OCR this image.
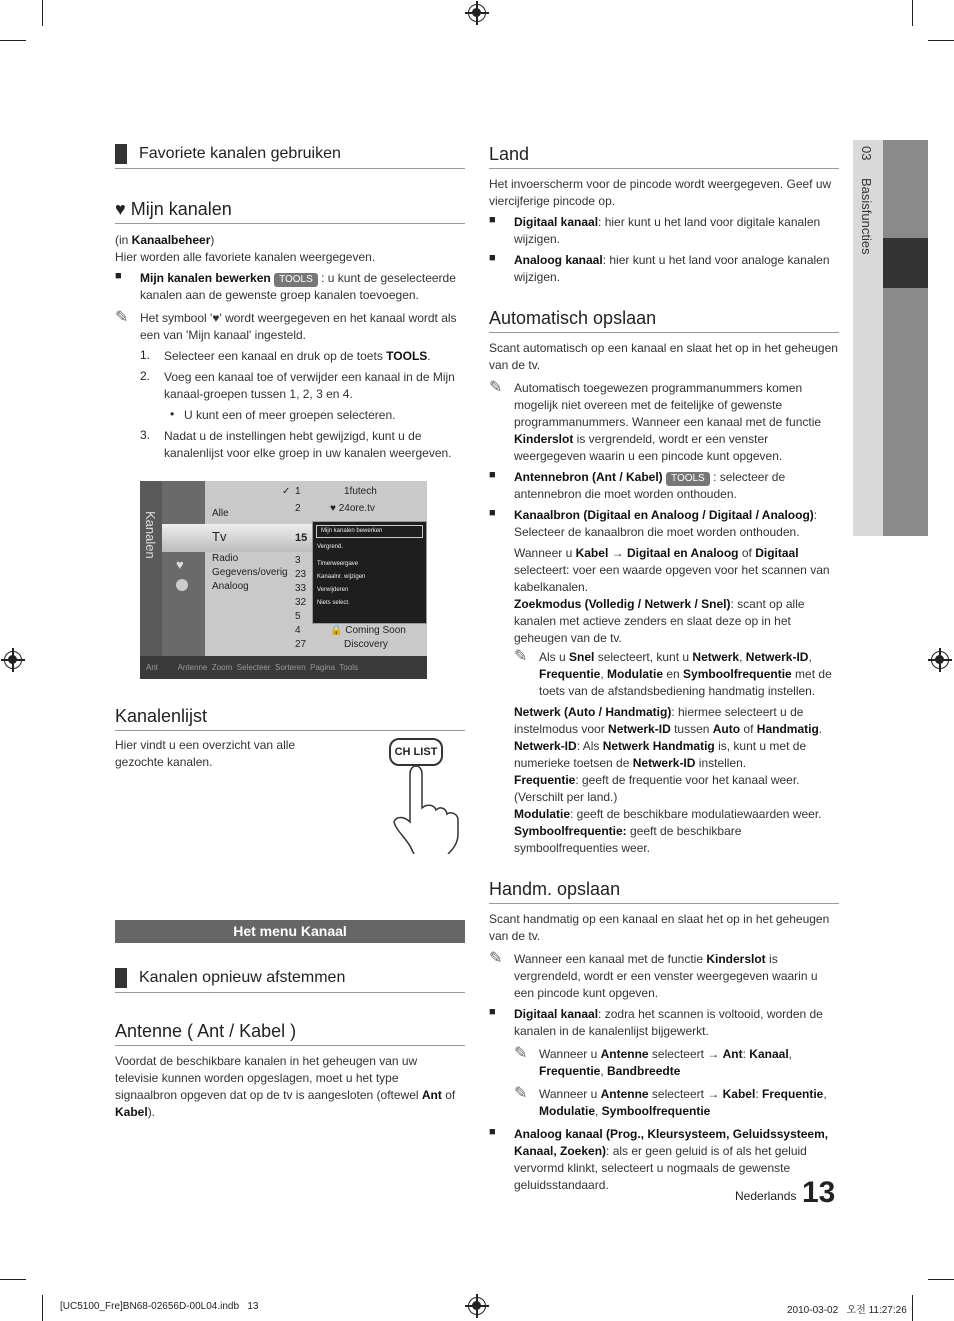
03
Basisfuncties
Favoriete kanalen gebruiken
♥ Mijn kanalen

(in Kanaalbeheer)

Hier worden alle favoriete kanalen weergegeven.

■	Mijn kanalen bewerken TOOLS : u kunt de geselecteerde kanalen aan de gewenste groep kanalen toevoegen.

✎ Het symbool '♥' wordt weergegeven en het kanaal wordt als een van 'Mijn kanaal' ingesteld.

1.	Selecteer een kanaal en druk op de toets TOOLS.

2.	Voeg een kanaal toe of verwijder een kanaal in de Mijn kanaal-groepen tussen 1, 2, 3 en 4.

• U kunt een of meer groepen selecteren.

3.	Nadat u de instellingen hebt gewijzigd, kunt u de kanalenlijst voor elke groep in uw kanalen weergeven.

Kanalenlijst

Hier vindt u een overzicht van alle gezochte kanalen.

CH LIST
Het menu Kanaal
Kanalen opnieuw afstemmen
Antenne ( Ant / Kabel )

Voordat de beschikbare kanalen in het geheugen van uw televisie kunnen worden opgeslagen, moet u het type signaalbron opgeven dat op de tv is aangesloten (oftewel Ant of Kabel).

Kanalen
♥
Alle
Tv
Radio
Gegevens/overig
Analoog
✓ 1
2
15
3
23
33
32
5
4
27
1futech
♥ 24ore.tv
🔒 Coming Soon
Discovery
Mijn kanalen bewerken
Vergrend.
Timerweergave
Kanaalnr. wijzigen
Verwijderen
Niets select.
Ant Antenne Zoom Selecteer Sorteren Pagina Tools
Land

Het invoerscherm voor de pincode wordt weergegeven. Geef uw viercijferige pincode op.

■	Digitaal kanaal: hier kunt u het land voor digitale kanalen wijzigen.

■	Analoog kanaal: hier kunt u het land voor analoge kanalen wijzigen.

Automatisch opslaan

Scant automatisch op een kanaal en slaat het op in het geheugen van de tv.

✎ Automatisch toegewezen programmanummers komen mogelijk niet overeen met de feitelijke of gewenste programmanummers. Wanneer een kanaal met de functie Kinderslot is vergrendeld, wordt er een venster weergegeven waarin u een pincode kunt opgeven.

■	Antennebron (Ant / Kabel) TOOLS : selecteer de antennebron die moet worden onthouden.

■	Kanaalbron (Digitaal en Analoog / Digitaal / Analoog): Selecteer de kanaalbron die moet worden onthouden.

Wanneer u Kabel → Digitaal en Analoog of Digitaal selecteert: voer een waarde opgeven voor het scannen van kabelkanalen.

Zoekmodus (Volledig / Netwerk / Snel): scant op alle kanalen met actieve zenders en slaat deze op in het geheugen van de tv.

✎ Als u Snel selecteert, kunt u Netwerk, Netwerk-ID, Frequentie, Modulatie en Symboolfrequentie met de toets van de afstandsbediening handmatig instellen.

Netwerk (Auto / Handmatig): hiermee selecteert u de instelmodus voor Netwerk-ID tussen Auto of Handmatig.

Netwerk-ID: Als Netwerk Handmatig is, kunt u met de numerieke toetsen de Netwerk-ID instellen.

Frequentie: geeft de frequentie voor het kanaal weer. (Verschilt per land.)

Modulatie: geeft de beschikbare modulatiewaarden weer.

Symboolfrequentie: geeft de beschikbare symboolfrequenties weer.

Handm. opslaan

Scant handmatig op een kanaal en slaat het op in het geheugen van de tv.

✎ Wanneer een kanaal met de functie Kinderslot is vergrendeld, wordt er een venster weergegeven waarin u een pincode kunt opgeven.

■	Digitaal kanaal: zodra het scannen is voltooid, worden de kanalen in de kanalenlijst bijgewerkt.

✎ Wanneer u Antenne selecteert → Ant: Kanaal, Frequentie, Bandbreedte

✎ Wanneer u Antenne selecteert → Kabel: Frequentie, Modulatie, Symboolfrequentie

■	Analoog kanaal (Prog., Kleursysteem, Geluidssysteem, Kanaal, Zoeken): als er geen geluid is of als het geluid vervormd klinkt, selecteert u nogmaals de gewenste geluidsstandaard.

Nederlands 13
[UC5100_Fre]BN68-02656D-00L04.indb   13	2010-03-02   오전 11:27:26
